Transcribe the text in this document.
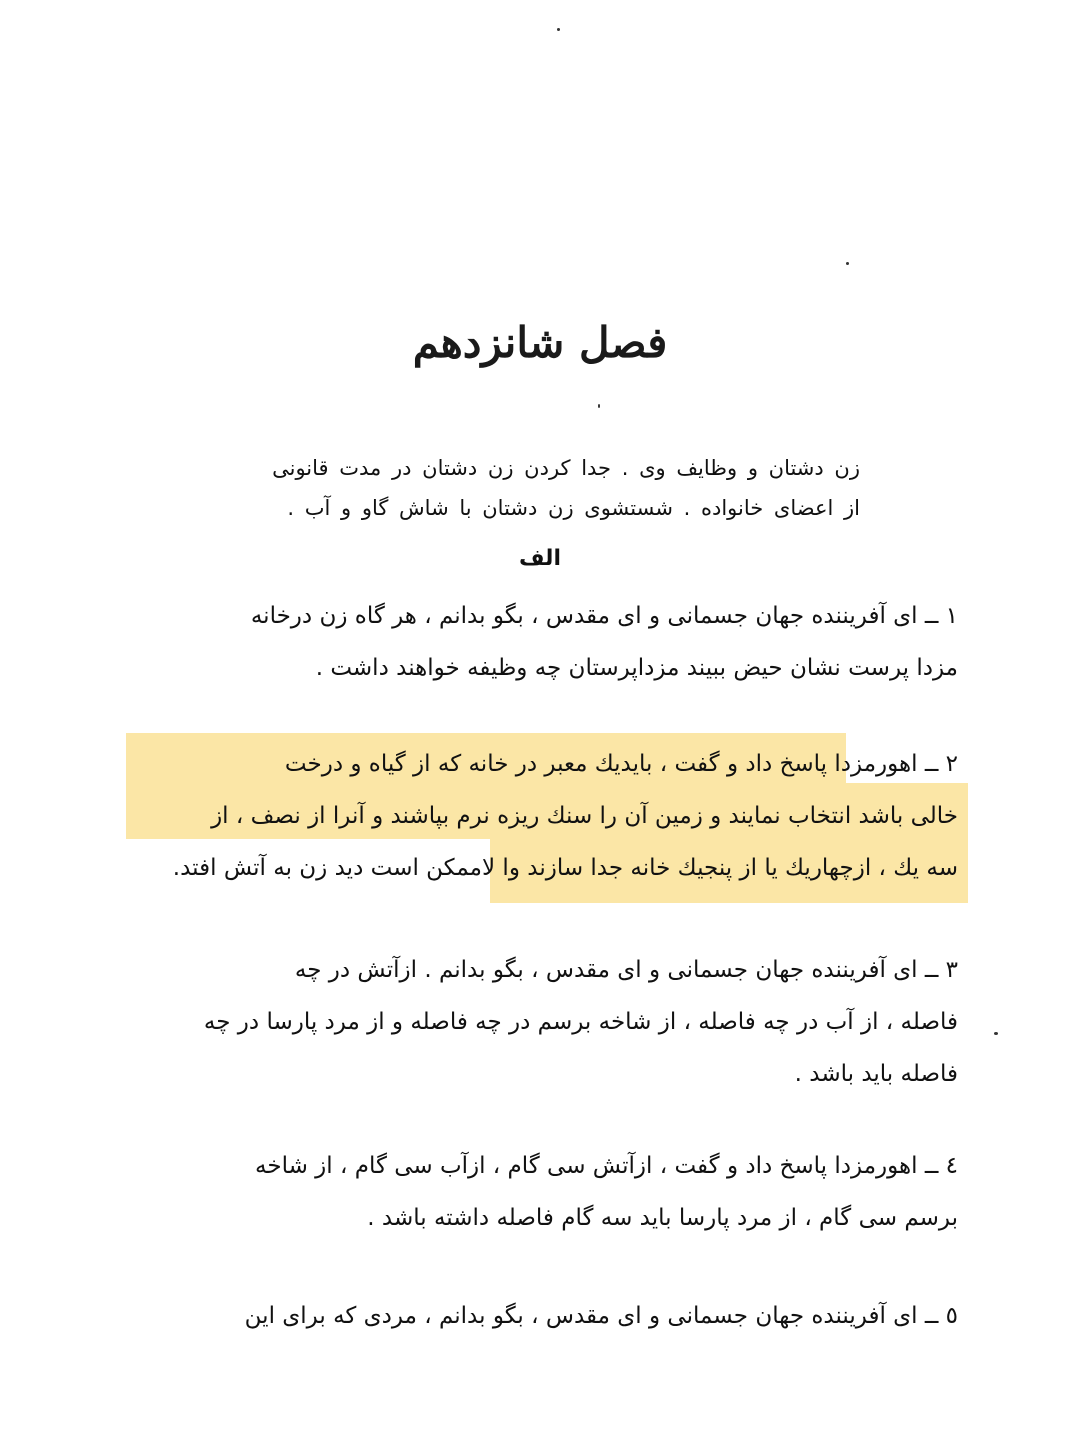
فصل شانزدهم
زن دشتان و وظایف وی . جدا کردن زن دشتان در مدت قانونی
از اعضای خانواده . شستشوی زن دشتان با شاش گاو و آب .
الف
۱ ــ ای آفریننده جهان جسمانی و ای مقدس ، بگو بدانم ، هر گاه زن درخانه
مزدا پرست نشان حیض ببیند مزداپرستان چه وظیفه خواهند داشت .
۲ ــ اهورمزدا پاسخ داد و گفت ، بایدیك معبر در خانه که از گیاه و درخت
خالی باشد انتخاب نمایند و زمین آن را سنك ریزه نرم بپاشند و آنرا از نصف ، از
سه یك ، ازچهاریك یا از پنجیك خانه جدا سازند وا لاممکن است دید زن به آتش افتد.
۳ ــ ای آفریننده جهان جسمانی و ای مقدس ، بگو بدانم . ازآتش در چه
فاصله ، از آب در چه فاصله ، از شاخه برسم در چه فاصله و از مرد پارسا در چه
فاصله باید باشد .
٤ ــ اهورمزدا پاسخ داد و گفت ، ازآتش سی گام ، ازآب سی گام ، از شاخه
برسم سی گام ، از مرد پارسا باید سه گام فاصله داشته باشد .
٥ ــ ای آفریننده جهان جسمانی و ای مقدس ، بگو بدانم ، مردی که برای این
